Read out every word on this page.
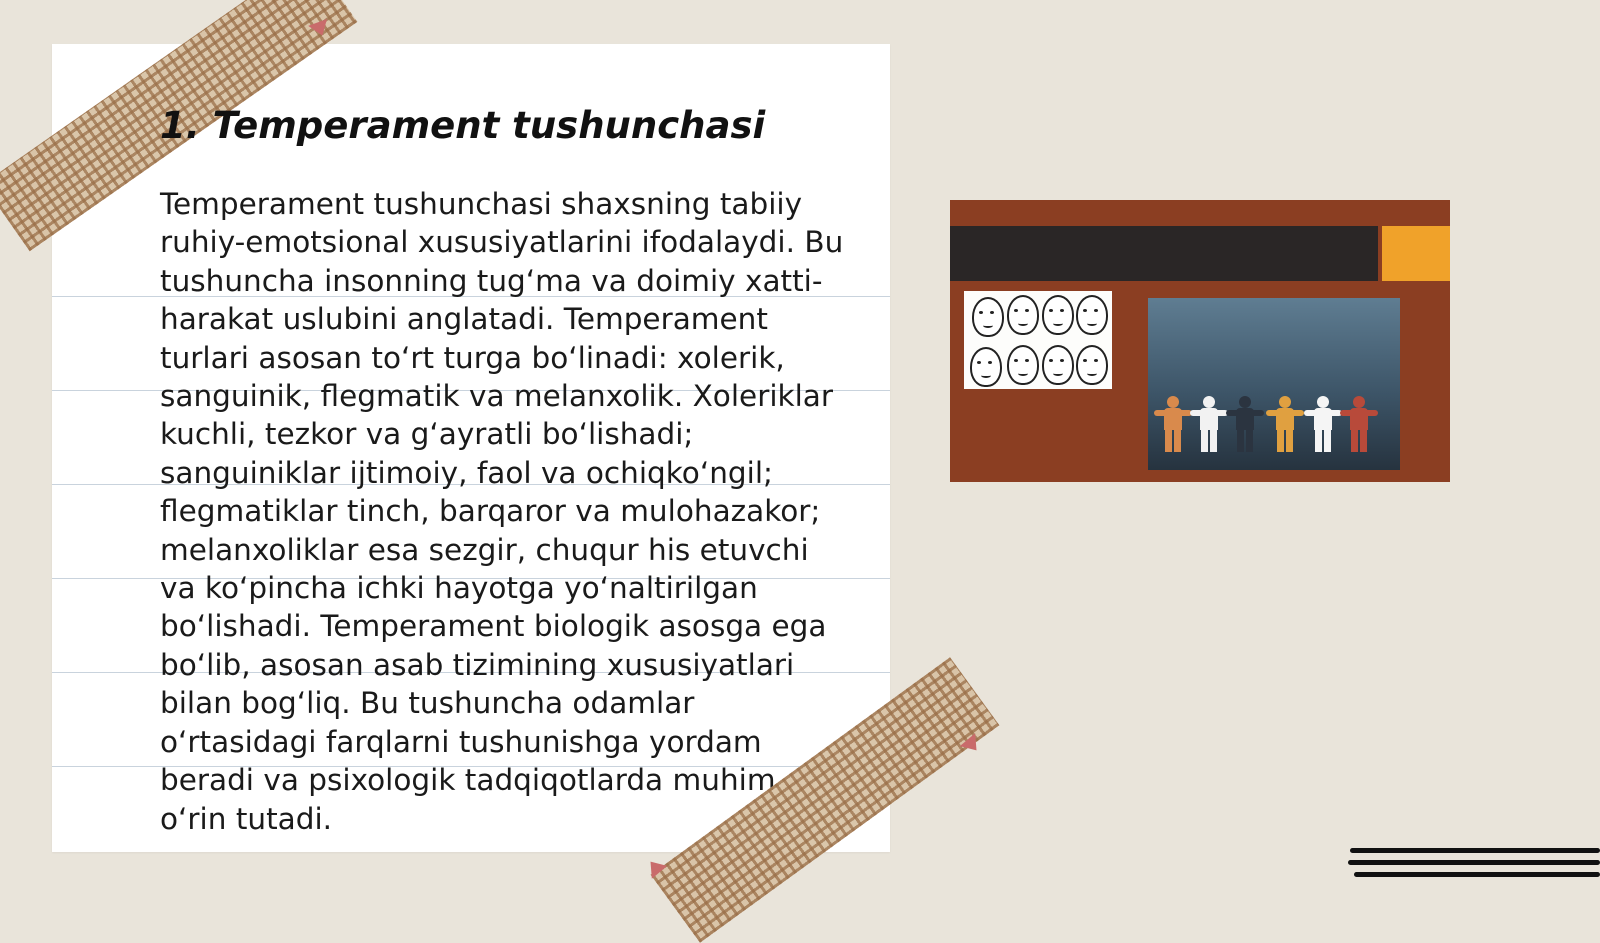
1. Temperament tushunchasi

Temperament tushunchasi shaxsning tabiiy ruhiy-emotsional xususiyatlarini ifodalaydi. Bu tushuncha insonning tugʻma va doimiy xatti-harakat uslubini anglatadi. Temperament turlari asosan toʻrt turga boʻlinadi: xolerik, sanguinik, flegmatik va melanxolik. Xoleriklar kuchli, tezkor va gʻayratli boʻlishadi; sanguiniklar ijtimoiy, faol va ochiqkoʻngil; flegmatiklar tinch, barqaror va mulohazakor; melanxoliklar esa sezgir, chuqur his etuvchi va koʻpincha ichki hayotga yoʻnaltirilgan boʻlishadi. Temperament biologik asosga ega boʻlib, asosan asab tizimining xususiyatlari bilan bogʻliq. Bu tushuncha odamlar oʻrtasidagi farqlarni tushunishga yordam beradi va psixologik tadqiqotlarda muhim oʻrin tutadi.
